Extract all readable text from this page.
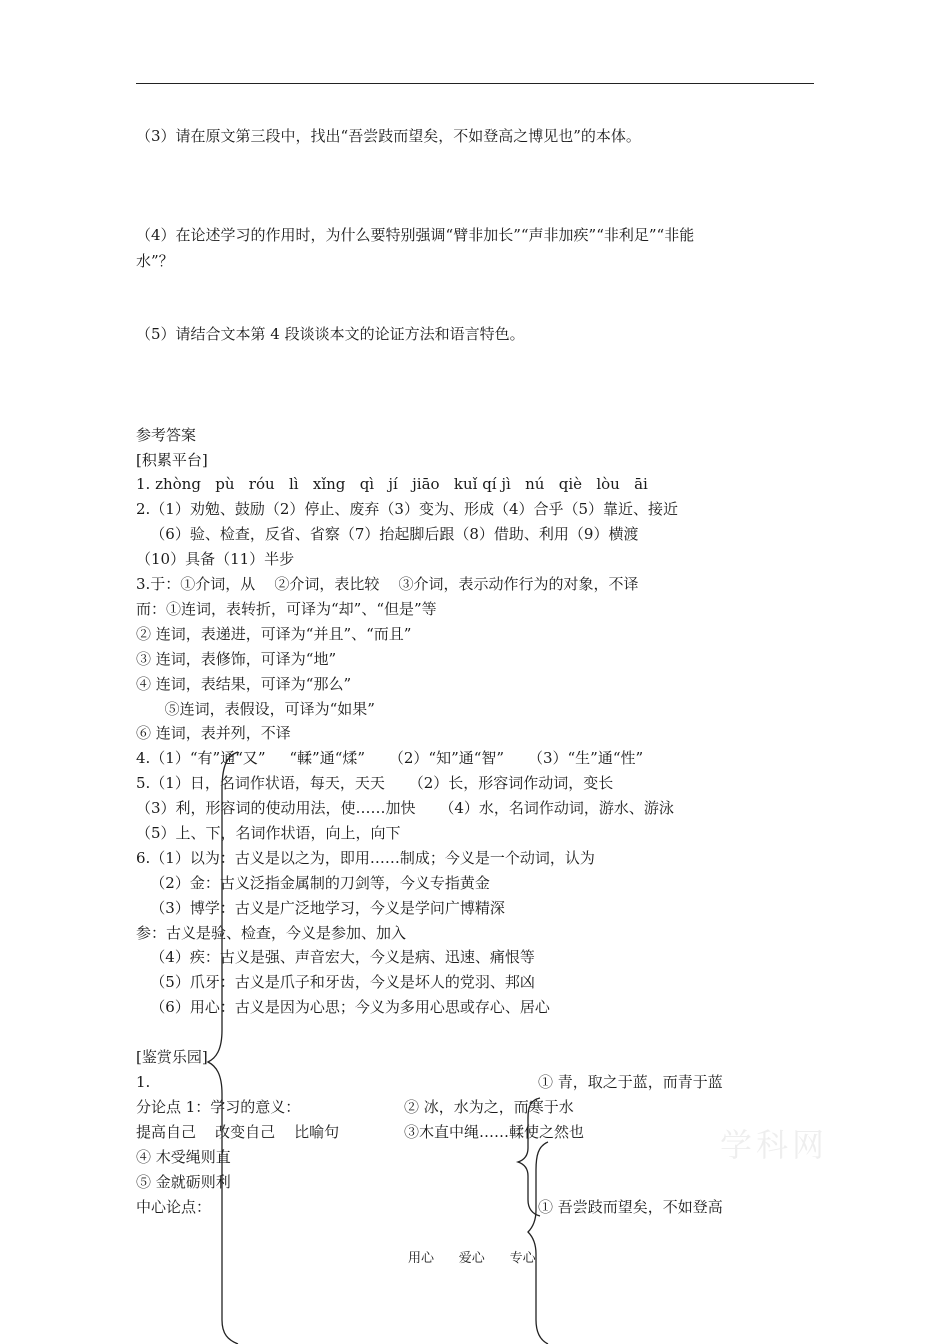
（3）请在原文第三段中，找出“吾尝跂而望矣，不如登高之博见也”的本体。
（4）在论述学习的作用时，为什么要特别强调“臂非加长”“声非加疾”“非利足”“非能
水”？
（5）请结合文本第 4 段谈谈本文的论证方法和语言特色。
参考答案
[积累平台]
1. zhòng   pù   róu   lì   xǐng   qì   jí   jiāo   kuǐ qí jì   nú   qiè   lòu   āi
2.（1）劝勉、鼓励（2）停止、废弃（3）变为、形成（4）合乎（5）靠近、接近
（6）验、检查，反省、省察（7）抬起脚后跟（8）借助、利用（9）横渡
（10）具备（11）半步
3.于：①介词，从    ②介词，表比较    ③介词，表示动作行为的对象，不译
而：①连词，表转折，可译为“却”、“但是”等
② 连词，表递进，可译为“并且”、“而且”
③ 连词，表修饰，可译为“地”
④ 连词，表结果，可译为“那么”
⑤连词，表假设，可译为“如果”
⑥ 连词，表并列，不译
4.（1）“有”通“又”     “輮”通“煣”     （2）“知”通“智”     （3）“生”通“性”
5.（1）日，名词作状语，每天，天天     （2）长，形容词作动词，变长
（3）利，形容词的使动用法，使……加快     （4）水，名词作动词，游水、游泳
（5）上、下，名词作状语，向上，向下
6.（1）以为：古义是以之为，即用……制成；今义是一个动词，认为
（2）金：古义泛指金属制的刀剑等，今义专指黄金
（3）博学：古义是广泛地学习，今义是学问广博精深
参：古义是验、检查，今义是参加、加入
（4）疾：古义是强、声音宏大，今义是病、迅速、痛恨等
（5）爪牙：古义是爪子和牙齿，今义是坏人的党羽、邦凶
（6）用心：古义是因为心思；今义为多用心思或存心、居心
[鉴赏乐园]
1.	① 青，取之于蓝，而青于蓝
分论点 1：学习的意义：	② 冰，水为之，而寒于水
提高自己    改变自己    比喻句	③木直中绳……輮使之然也
④ 木受绳则直
⑤ 金就砺则利
中心论点：	① 吾尝跂而望矣，不如登高
用心      爱心      专心
学科网
